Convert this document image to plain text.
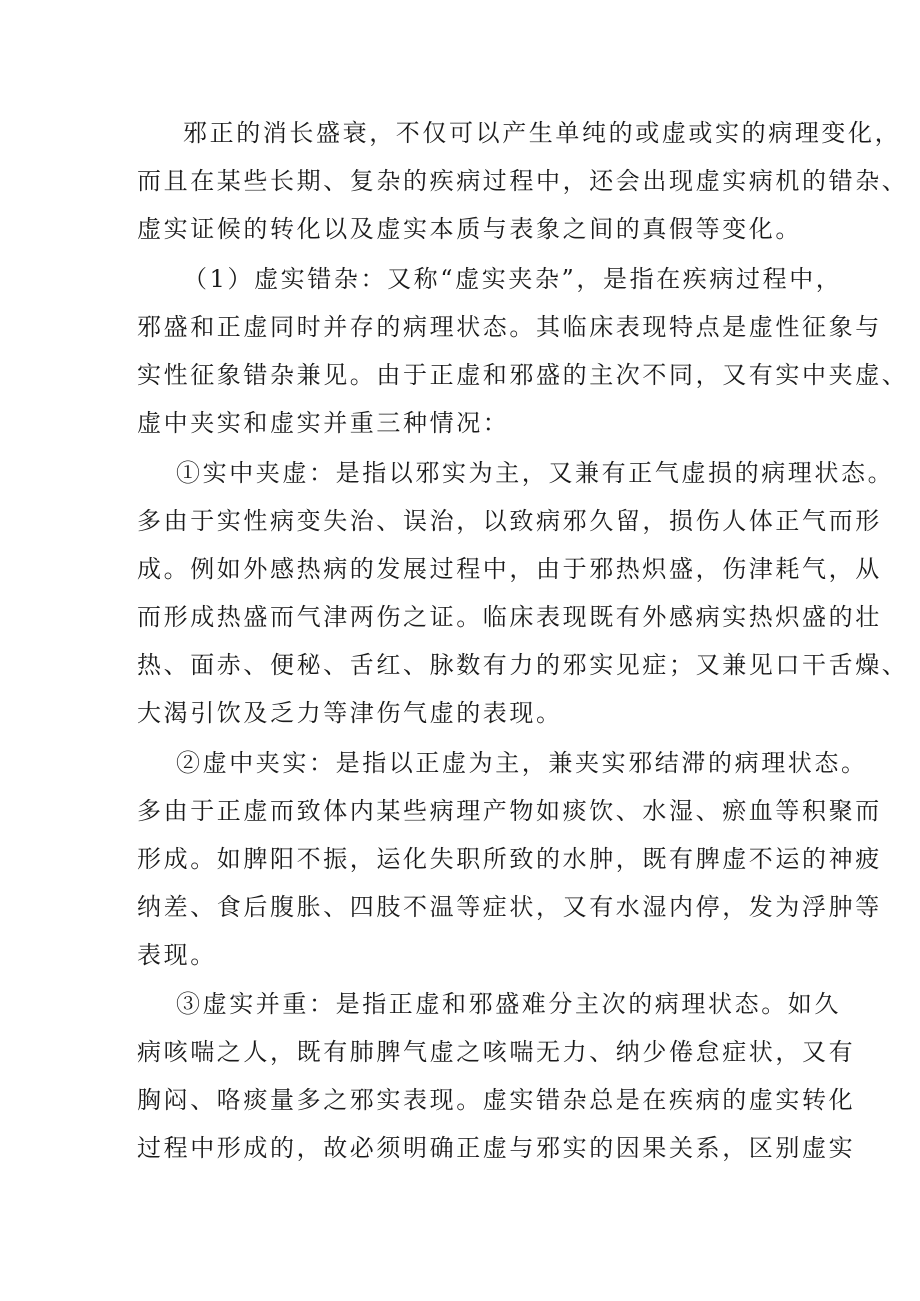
邪正的消长盛衰，不仅可以产生单纯的或虚或实的病理变化，
而且在某些长期、复杂的疾病过程中，还会出现虚实病机的错杂、
虚实证候的转化以及虚实本质与表象之间的真假等变化。
（1）虚实错杂：又称“虚实夹杂”，是指在疾病过程中，
邪盛和正虚同时并存的病理状态。其临床表现特点是虚性征象与
实性征象错杂兼见。由于正虚和邪盛的主次不同，又有实中夹虚、
虚中夹实和虚实并重三种情况：
①实中夹虚：是指以邪实为主，又兼有正气虚损的病理状态。
多由于实性病变失治、误治，以致病邪久留，损伤人体正气而形
成。例如外感热病的发展过程中，由于邪热炽盛，伤津耗气，从
而形成热盛而气津两伤之证。临床表现既有外感病实热炽盛的壮
热、面赤、便秘、舌红、脉数有力的邪实见症；又兼见口干舌燥、
大渴引饮及乏力等津伤气虚的表现。
②虚中夹实：是指以正虚为主，兼夹实邪结滞的病理状态。
多由于正虚而致体内某些病理产物如痰饮、水湿、瘀血等积聚而
形成。如脾阳不振，运化失职所致的水肿，既有脾虚不运的神疲
纳差、食后腹胀、四肢不温等症状，又有水湿内停，发为浮肿等
表现。
③虚实并重：是指正虚和邪盛难分主次的病理状态。如久
病咳喘之人，既有肺脾气虚之咳喘无力、纳少倦怠症状，又有
胸闷、咯痰量多之邪实表现。虚实错杂总是在疾病的虚实转化
过程中形成的，故必须明确正虚与邪实的因果关系，区别虚实
